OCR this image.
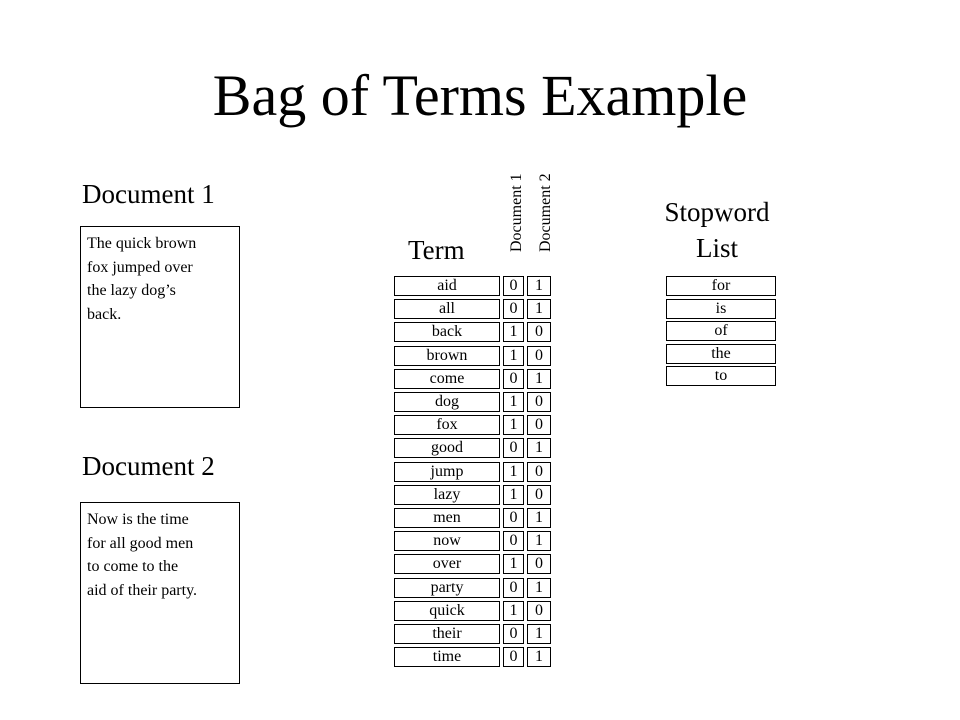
Bag of Terms Example
Document 1
The quick brown
fox jumped over
the lazy dog’s
back.
Document 2
Now is the time
for all good men
to come to the
aid of their party.
Term	Document 1 Document 2
aid	0	1
all	0	1
back	1	0
brown	1	0
come	0	1
dog	1	0
fox	1	0
good	0	1
jump	1	0
lazy	1	0
men	0	1
now	0	1
over	1	0
party	0	1
quick	1	0
their	0	1
time	0	1
Stopword
List
for
is
of
the
to
